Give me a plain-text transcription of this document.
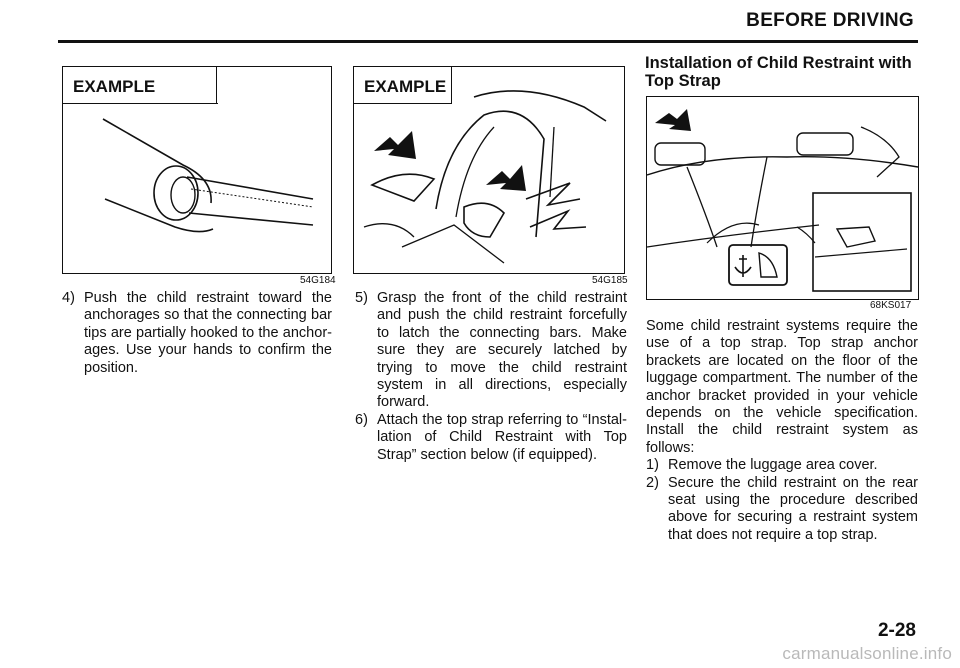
BEFORE DRIVING
EXAMPLE
54G184
EXAMPLE
54G185
68KS017
4) Push the child restraint toward the anchorages so that the connecting bar tips are partially hooked to the anchorages. Use your hands to confirm the position.
5) Grasp the front of the child restraint and push the child restraint forcefully to latch the connecting bars. Make sure they are securely latched by trying to move the child restraint system in all directions, especially forward.
6) Attach the top strap referring to “Installation of Child Restraint with Top Strap” section below (if equipped).
Installation of Child Restraint with Top Strap
Some child restraint systems require the use of a top strap. Top strap anchor brackets are located on the floor of the luggage compartment. The number of the anchor bracket provided in your vehicle depends on the vehicle specification. Install the child restraint system as follows:
1) Remove the luggage area cover.
2) Secure the child restraint on the rear seat using the procedure described above for securing a restraint system that does not require a top strap.
2-28
carmanualsonline.info
